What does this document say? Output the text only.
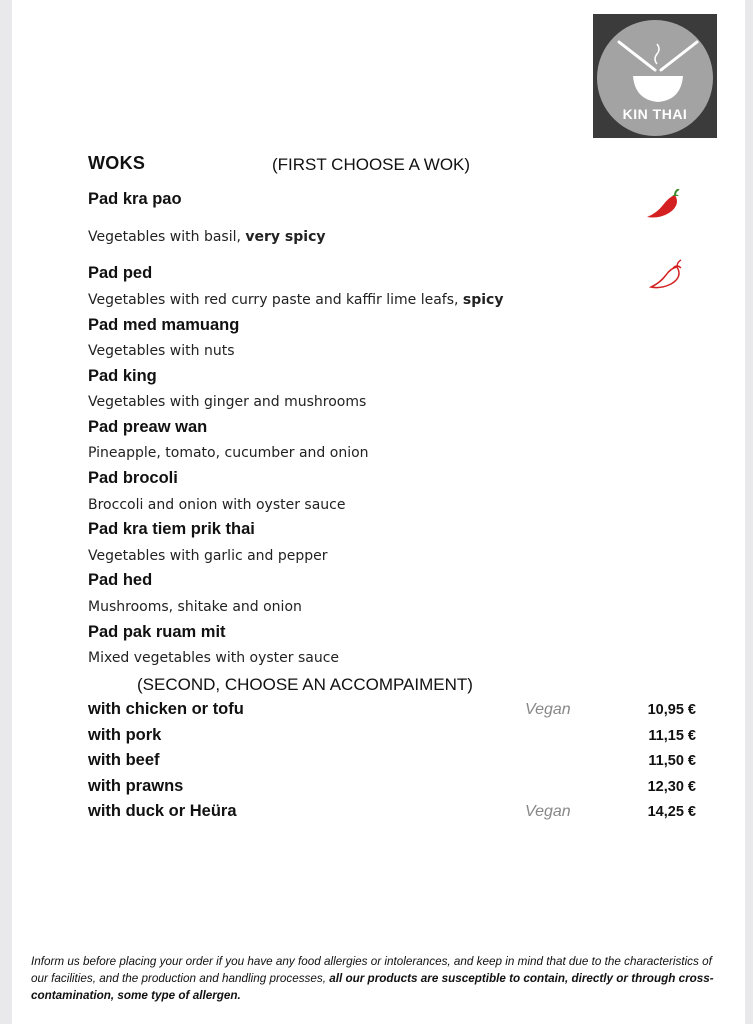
KIN THAI
WOKS	(FIRST CHOOSE A WOK)
Pad kra pao
Vegetables with basil, very spicy
Pad ped
Vegetables with red curry paste and kaffir lime leafs, spicy
Pad med mamuang
Vegetables with nuts
Pad king
Vegetables with ginger and mushrooms
Pad preaw wan
Pineapple, tomato, cucumber and onion
Pad brocoli
Broccoli and onion with oyster sauce
Pad kra tiem prik thai
Vegetables with garlic and pepper
Pad hed
Mushrooms, shitake and onion
Pad pak ruam mit
Mixed vegetables with oyster sauce
(SECOND, CHOOSE AN ACCOMPAIMENT)
with chicken or tofu	Vegan	10,95 €
with pork	11,15 €
with beef	11,50 €
with prawns	12,30 €
with duck or Heüra	Vegan	14,25 €
Inform us before placing your order if you have any food allergies or intolerances, and keep in mind that due to the characteristics of our facilities, and the production and handling processes, all our products are susceptible to contain, directly or through cross-contamination, some type of allergen.
